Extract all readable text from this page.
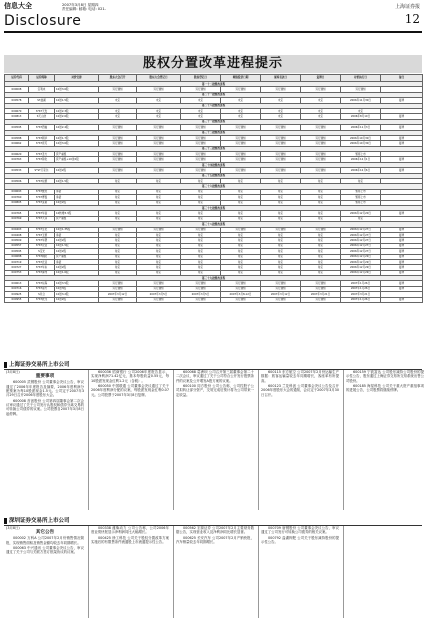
信息大全	2007年3月8日 星期四
责任编辑: 邮箱: 电话: 021-
Disclosure
上海证券报
12
股权分置改革进程提示
证券代码	证券简称	对价安排	股东大会召开	股东大会登记日	股权登记日	网络投票日期	现场表决日	复牌日	对价执行日	备注
第一十二批股改进程										
000008	宝利来	10送3.6股	另行通知	另行通知	另行通知	另行通知	另行通知	另行通知	另行通知	
第二十一批股改进程										
000578	ST盐湖	10送1.5股	未定	未定	未定	未定	未定	未定	2006年11月30日	复牌
第二十八批股改进程										
000670	S*ST天发	10送2.3股	未定	未定	未定	未定	未定	未定	未定	
000813	S天山纺	10送2.6股	未定	未定	未定	未定	未定	未定	2006年8月10日	复牌
第三十一批股改进程										
000595	S*ST西轴	10送2.4股	另行通知	另行通知	另行通知	另行通知	另行通知	另行通知	2006年11月3日	复牌
第三十二批股改进程										
000588	S*ST朝华	10送1.7股	另行通知	另行通知	另行通知	另行通知	另行通知	另行通知	2006年10月30日	复牌
000662	S*ST索芙	10送3.6股	另行通知	另行通知	另行通知	另行通知	另行通知	另行通知	2006年10月30日	复牌
第三十三批股改进程										
000620	S*ST圣方	资产重组	另行通知	另行通知	另行通知	另行通知	另行通知	另行通知	暂停上市	
000763	S*ST锦化	资产重组+10送2股	另行通知	另行通知	另行通知	另行通知	另行通知	另行通知	2006年12月1日	复牌
第三十四批股改进程										
000533	S*ST万家乐	10送2股	另行通知	另行通知	另行通知	另行通知	另行通知	另行通知	2006年12月6日	复牌
第三十五批股改进程										
000506	S*ST东源	10送1.5股	待定	待定	待定	待定	待定	待定	待定	
第三十六批股改进程										
000693	S*ST聚友	承诺	待定	待定	待定	待定	待定	待定	暂停上市	
000760	S*ST博盈	承诺	待定	待定	待定	待定	待定	待定	暂停上市	
000805	S*ST炎黄	10送2股	待定	待定	待定	待定	待定	待定	暂停上市	
第三十七批股改进程										
000765	S*ST华信	10转增3.3股	待定	待定	待定	待定	待定	待定	2006年12月20日	复牌
000769	S*ST大菲	资产重组	待定	待定	待定	待定	待定	待定	待定	
第三十八批股改进程										
000403	S*ST生化	10送1.35股	另行通知	另行通知	另行通知	另行通知	另行通知	另行通知	2006年12月27日	复牌
000408	S*ST玉源	承诺	待定	待定	待定	待定	待定	待定	2006年12月27日	复牌
000509	S*ST华塑	10送2股	待定	待定	待定	待定	待定	待定	2006年12月27日	复牌
000557	S*ST宏业	10送1.5股	待定	待定	待定	待定	待定	待定	2006年12月27日	复牌
000595	S宝光	10送2股	待定	待定	待定	待定	待定	待定	2006年12月27日	复牌
000688	S*ST朝阳	资产重组	待定	待定	待定	待定	待定	待定	2006年12月29日	复牌
000719	S*ST北亚	承诺	待定	待定	待定	待定	待定	待定	2006年12月29日	复牌
000727	S*ST华东	10送2股	待定	待定	待定	待定	待定	待定	2006年12月29日	复牌
000753	S*ST漳州	10送1.6股	待定	待定	待定	待定	待定	待定	2006年12月29日	复牌
第三十九批股改进程										
000613	S*ST东海	10送3.5股	另行通知	另行通知	另行通知	另行通知	另行通知	另行通知	2007年1月26日	复牌
000716	S*ST南方	10送3股	另行通知	另行通知	另行通知	另行通知	另行通知	另行通知	2007年1月26日	复牌
000925	S众合	10送3.2股	2007年3月12日	2007年3月5日	2007年3月5日	2007年3月8-12日	2007年3月12日	2007年3月21日	2007年3月21日	
000955	S*ST欣龙	10送2股	另行通知	另行通知	另行通知	另行通知	另行通知	另行通知	2007年1月26日	复牌
上海证券交易所上市公司
(3月8日)
重要事项

600005 武钢股份 公司董事会决议公告，审议通过了2006年年度报告及摘要，2006年度利润分配预案为每10股派现金1.5元。公司定于2007年3月29日召开2006年度股东大会。

600008 首创股份 公司第四届董事会第二次会议审议通过了关于公司发行认股权和债券分离交易的可转换公司债券的议案。公司股票自2007年3月8日起停牌。

600036 招商银行 公司2006年度报告显示，实现净利润71.42亿元，基本每股收益0.55元，每10股派发现金红利1.2元（含税）。

600050 中国联通 公司董事会决议通过了关于2006年度利润分配的议案，每股派发现金红利0.07元。公司股票于2007年3月8日复牌。

600068 葛洲坝 公司召开第三届董事会第二十二次会议，审议通过了关于公司符合公开发行股票条件的议案及公开增发A股方案的议案。

600100 同方股份 公司公告称，公司控股子公司拟转让部分资产，交易完成后预计将为公司带来一定收益。

600115 东方航空 公司2007年2月份运输生产数据：旅客运输量较去年同期增长，客座率有所提高。

600123 兰花科创 公司董事会决议公告及召开2006年度股东大会的通知，会议定于2007年3月30日召开。

600159 宁波富达 公司股东减持公司股份的提示性公告，股东通过上海证券交易所交易系统出售公司股份。

600185 海星科技 公司关于重大资产重组事项的进展公告，公司股票将继续停牌。

深圳证券交易所上市公司
(3月8日)
其它公告

000002 万科A 公司2007年2月份销售情况简报，实现销售面积及销售金额均较去年同期增长。

000063 中兴通讯 公司董事会决议公告，审议通过了关于公司与关联方签订框架协议的议案。

000338 潍柴动力 公司公告称，公司2006年度业绩快报显示净利润同比大幅增长。

000425 徐工科技 公司关于股权分置改革方案实施后的有限售条件流通股上市流通提示性公告。

000562 宏源证券 公司2007年2月主要财务数据公告，实现营业收入及净利润同比增长显著。

000625 长安汽车 公司2007年2月产销快报，汽车销量较去年同期增长。

000709 唐钢股份 公司董事会决议公告，审议通过了公司发行可转换公司债券的相关议案。

000792 盐湖钾肥 公司关于股东减持股份的提示性公告。
